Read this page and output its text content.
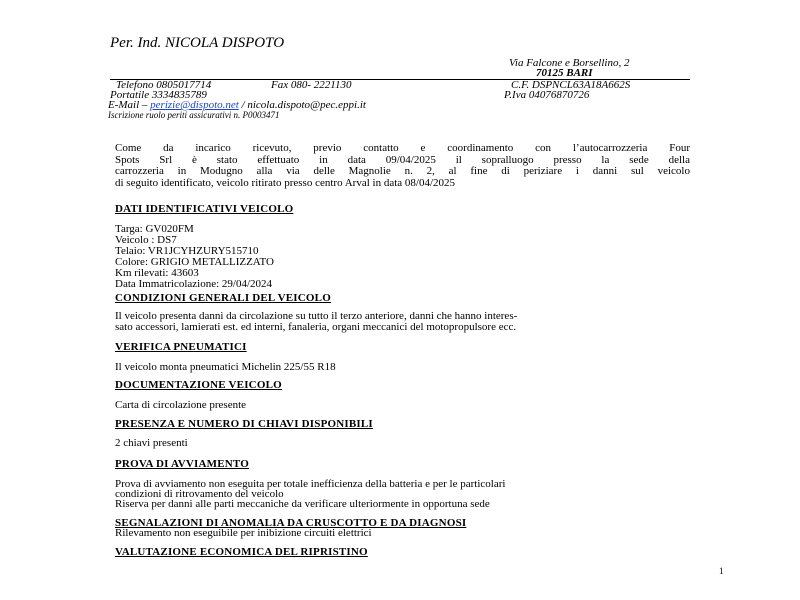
Per. Ind. NICOLA DISPOTO
Via Falcone e Borsellino, 2
70125 BARI
Telefono 0805017714	Fax 080- 2221130	C.F. DSPNCL63A18A662S
Portatile 3334835789	P.Iva 04076870726
E-Mail – perizie@dispoto.net / nicola.dispoto@pec.eppi.it
Iscrizione ruolo periti assicurativi n. P0003471
Come da incarico ricevuto, previo contatto e coordinamento con l’autocarrozzeria Four
Spots Srl è stato effettuato in data 09/04/2025 il sopralluogo presso la sede della
carrozzeria in Modugno alla via delle Magnolie n. 2, al fine di periziare i danni sul veicolo
di seguito identificato, veicolo ritirato presso centro Arval in data 08/04/2025
DATI IDENTIFICATIVI VEICOLO
Targa: GV020FM
Veicolo : DS7
Telaio: VR1JCYHZURY515710
Colore: GRIGIO METALLIZZATO
Km rilevati: 43603
Data Immatricolazione: 29/04/2024
CONDIZIONI GENERALI DEL VEICOLO
Il veicolo presenta danni da circolazione su tutto il terzo anteriore, danni che hanno interes-
sato accessori, lamierati est. ed interni, fanaleria, organi meccanici del motopropulsore ecc.
VERIFICA PNEUMATICI
Il veicolo monta pneumatici Michelin 225/55 R18
DOCUMENTAZIONE VEICOLO
Carta di circolazione presente
PRESENZA E NUMERO DI CHIAVI DISPONIBILI
2 chiavi presenti
PROVA DI AVVIAMENTO
Prova di avviamento non eseguita per totale inefficienza della batteria e per le particolari
condizioni di ritrovamento del veicolo
Riserva per danni alle parti meccaniche da verificare ulteriormente in opportuna sede
SEGNALAZIONI DI ANOMALIA DA CRUSCOTTO E DA DIAGNOSI
Rilevamento non eseguibile per inibizione circuiti elettrici
VALUTAZIONE ECONOMICA DEL RIPRISTINO
1
